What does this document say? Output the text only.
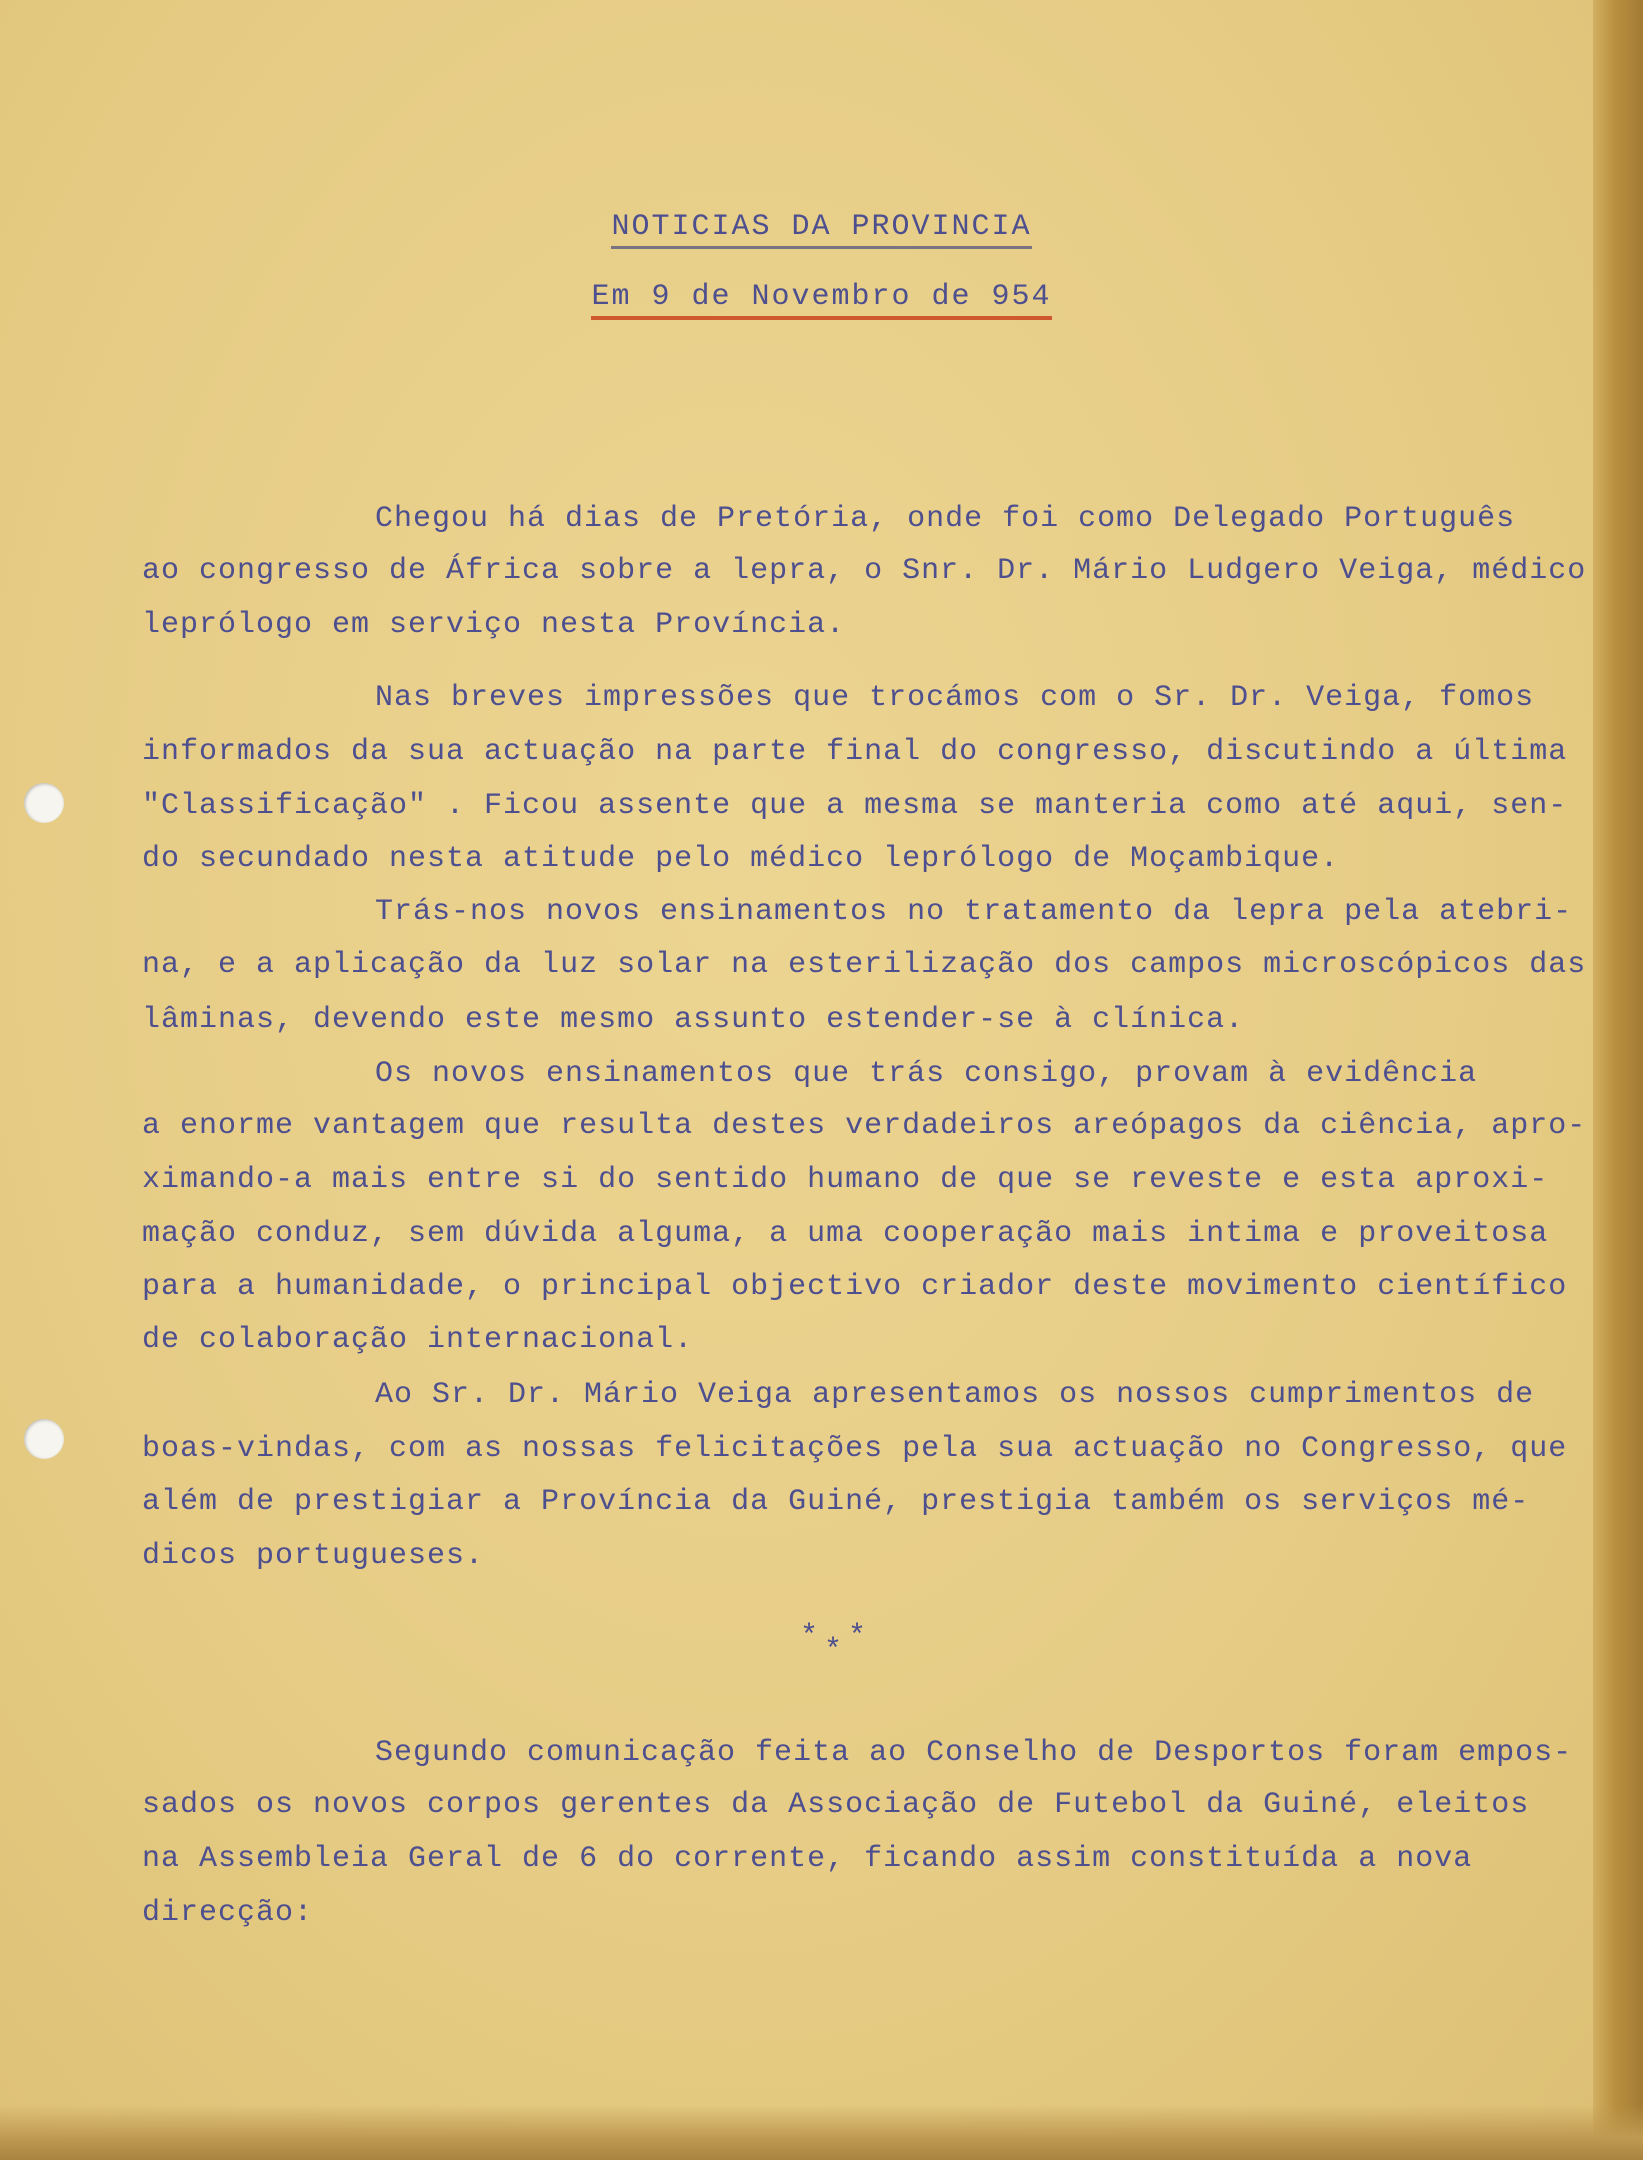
NOTICIAS DA PROVINCIA
Em 9 de Novembro de 954
Chegou há dias de Pretória, onde foi como Delegado Português
ao congresso de África sobre a lepra, o Snr. Dr. Mário Ludgero Veiga, médico
leprólogo em serviço nesta Província.
Nas breves impressões que trocámos com o Sr. Dr. Veiga, fomos
informados da sua actuação na parte final do congresso, discutindo a última
"Classificação" . Ficou assente que a mesma se manteria como até aqui, sen-
do secundado nesta atitude pelo médico leprólogo de Moçambique.
Trás-nos novos ensinamentos no tratamento da lepra pela atebri-
na, e a aplicação da luz solar na esterilização dos campos microscópicos das
lâminas, devendo este mesmo assunto estender-se à clínica.
Os novos ensinamentos que trás consigo, provam à evidência
a enorme vantagem que resulta destes verdadeiros areópagos da ciência, apro-
ximando-a mais entre si do sentido humano de que se reveste e esta aproxi-
mação conduz, sem dúvida alguma, a uma cooperação mais intima e proveitosa
para a humanidade, o principal objectivo criador deste movimento científico
de colaboração internacional.
Ao Sr. Dr. Mário Veiga apresentamos os nossos cumprimentos de
boas-vindas, com as nossas felicitações pela sua actuação no Congresso, que
além de prestigiar a Província da Guiné, prestigia também os serviços mé-
dicos portugueses.
Segundo comunicação feita ao Conselho de Desportos foram empos-
sados os novos corpos gerentes da Associação de Futebol da Guiné, eleitos
na Assembleia Geral de 6 do corrente, ficando assim constituída a nova
direcção:
***
